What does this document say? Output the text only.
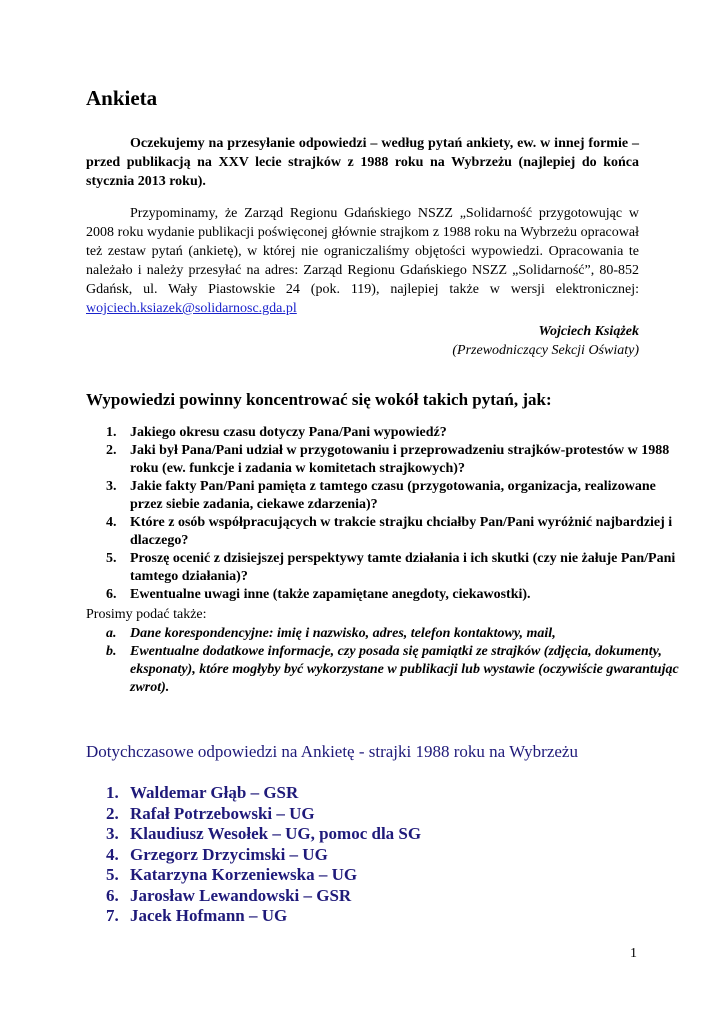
Ankieta

Oczekujemy na przesyłanie odpowiedzi – według pytań ankiety, ew. w innej formie – przed publikacją na XXV lecie strajków z 1988 roku na Wybrzeżu (najlepiej do końca stycznia 2013 roku).

Przypominamy, że Zarząd Regionu Gdańskiego NSZZ „Solidarność przygotowując w 2008 roku wydanie publikacji poświęconej głównie strajkom z 1988 roku na Wybrzeżu opracował też zestaw pytań (ankietę), w której nie ograniczaliśmy objętości wypowiedzi. Opracowania te należało i należy przesyłać na adres: Zarząd Regionu Gdańskiego NSZZ „Solidarność”, 80-852 Gdańsk, ul. Wały Piastowskie 24 (pok. 119), najlepiej także w wersji elektronicznej: wojciech.ksiazek@solidarnosc.gda.pl

Wojciech Książek
(Przewodniczący Sekcji Oświaty)
Wypowiedzi powinny koncentrować się wokół takich pytań, jak:
1. Jakiego okresu czasu dotyczy Pana/Pani wypowiedź?
2. Jaki był Pana/Pani udział w przygotowaniu i przeprowadzeniu strajków-protestów w 1988 roku (ew. funkcje i zadania w komitetach strajkowych)?
3. Jakie fakty Pan/Pani pamięta z tamtego czasu (przygotowania, organizacja, realizowane przez siebie zadania, ciekawe zdarzenia)?
4. Które z osób współpracujących w trakcie strajku chciałby Pan/Pani wyróżnić najbardziej i dlaczego?
5. Proszę ocenić z dzisiejszej perspektywy tamte działania i ich skutki (czy nie żałuje Pan/Pani tamtego działania)?
6. Ewentualne uwagi inne (także zapamiętane anegdoty, ciekawostki).

Prosimy podać także:

a. Dane korespondencyjne: imię i nazwisko, adres, telefon kontaktowy, mail,
b. Ewentualne dodatkowe informacje, czy posada się pamiątki ze strajków (zdjęcia, dokumenty, eksponaty), które mogłyby być wykorzystane w publikacji lub wystawie (oczywiście gwarantując zwrot).
Dotychczasowe odpowiedzi na Ankietę - strajki 1988 roku na Wybrzeżu
1. Waldemar Głąb – GSR
2. Rafał Potrzebowski – UG
3. Klaudiusz Wesołek – UG, pomoc dla SG
4. Grzegorz Drzycimski – UG
5. Katarzyna Korzeniewska – UG
6. Jarosław Lewandowski – GSR
7. Jacek Hofmann – UG
1
